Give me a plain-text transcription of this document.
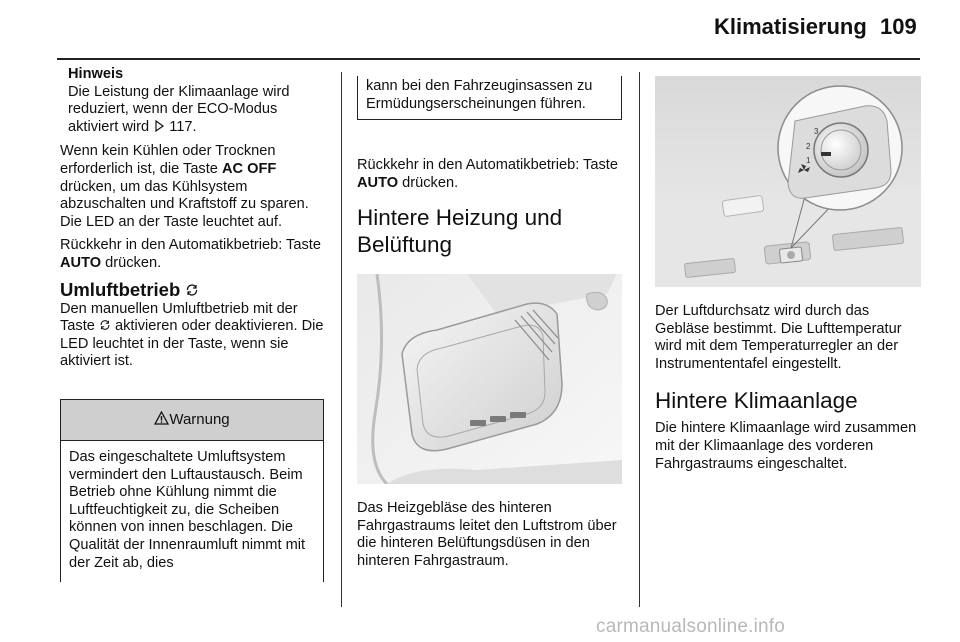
Klimatisierung 109
Hinweis
Die Leistung der Klimaanlage wird reduziert, wenn der ECO-Modus aktiviert wird 117.

Wenn kein Kühlen oder Trocknen erforderlich ist, die Taste AC OFF drücken, um das Kühlsystem abzuschalten und Kraftstoff zu sparen. Die LED an der Taste leuchtet auf.

Rückkehr in den Automatikbetrieb: Taste AUTO drücken.

Umluftbetrieb

Den manuellen Umluftbetrieb mit der Taste aktivieren oder deaktivieren. Die LED leuchtet in der Taste, wenn sie aktiviert ist.

Warnung
Das eingeschaltete Umluftsystem vermindert den Luftaustausch. Beim Betrieb ohne Kühlung nimmt die Luftfeuchtigkeit zu, die Scheiben können von innen beschlagen. Die Qualität der Innenraumluft nimmt mit der Zeit ab, dies
kann bei den Fahrzeuginsassen zu Ermüdungserscheinungen führen.

Rückkehr in den Automatikbetrieb: Taste AUTO drücken.

Hintere Heizung und Belüftung

Das Heizgebläse des hinteren Fahrgastraums leitet den Luftstrom über die hinteren Belüftungsdüsen in den hinteren Fahrgastraum.

3
2
1

Der Luftdurchsatz wird durch das Gebläse bestimmt. Die Lufttemperatur wird mit dem Temperaturregler an der Instrumententafel eingestellt.

Hintere Klimaanlage

Die hintere Klimaanlage wird zusammen mit der Klimaanlage des vorderen Fahrgastraums eingeschaltet.

carmanualsonline.info
